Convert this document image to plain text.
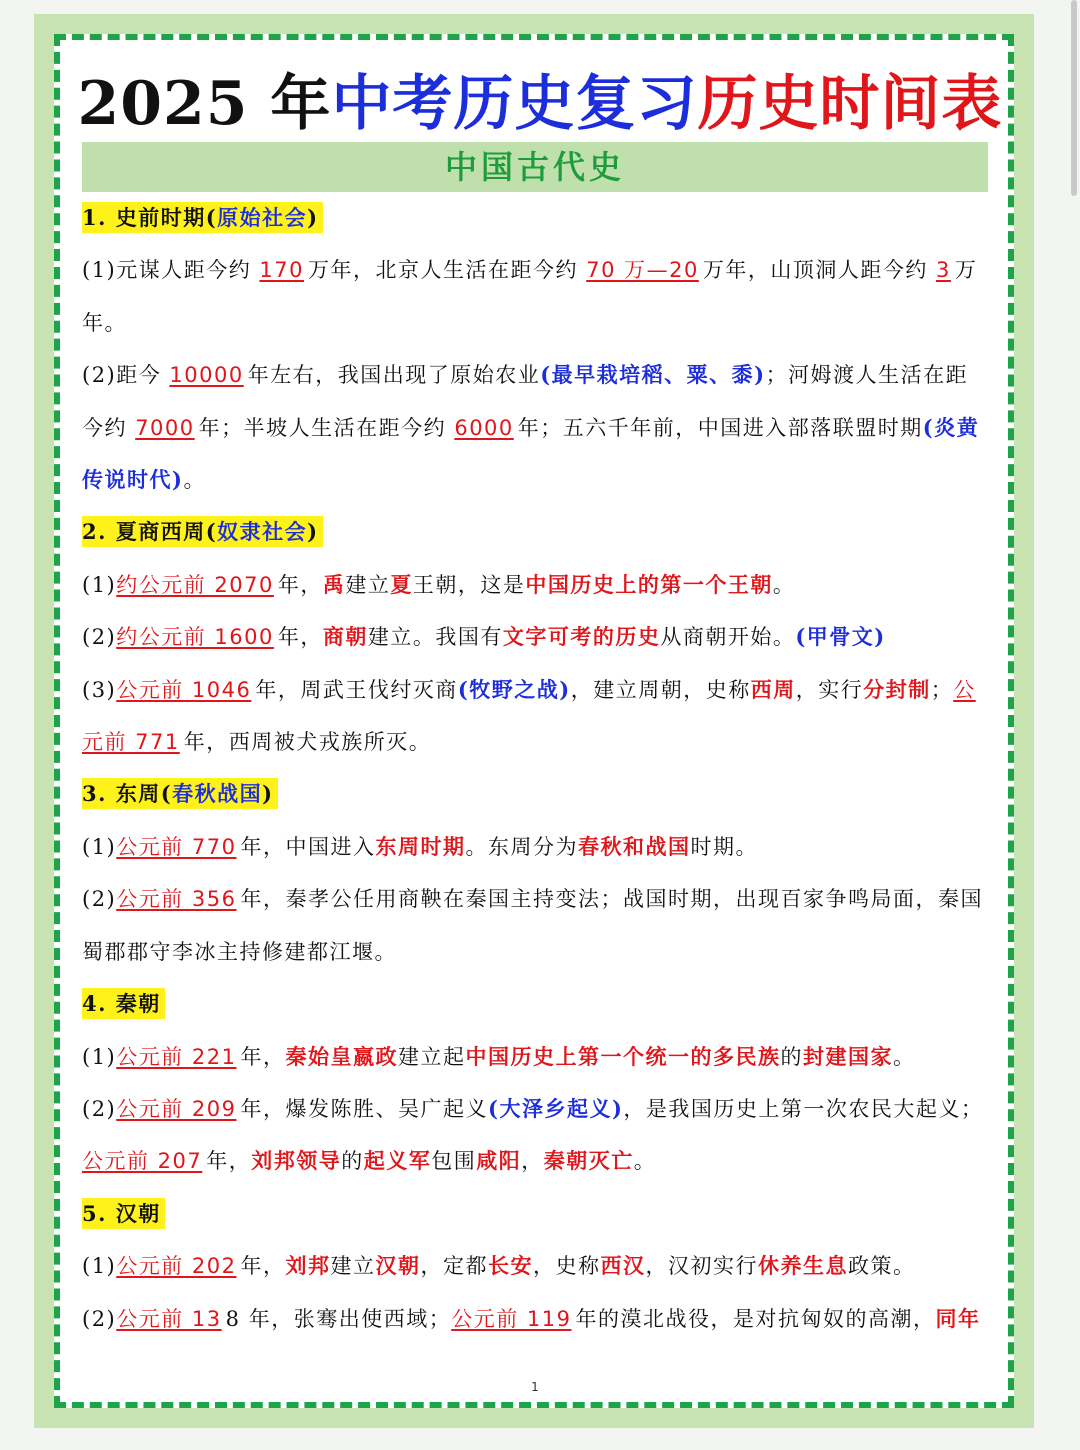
2025 年中考历史复习历史时间表
中国古代史

1. 史前时期(原始社会)

(1)元谋人距今约 170 万年，北京人生活在距今约 70 万—20 万年，山顶洞人距今约 3 万年。

(2)距今 10000 年左右，我国出现了原始农业(最早栽培稻、粟、黍)；河姆渡人生活在距今约 7000 年；半坡人生活在距今约 6000 年；五六千年前，中国进入部落联盟时期(炎黄传说时代)。

2. 夏商西周(奴隶社会)

(1)约公元前 2070 年，禹建立夏王朝，这是中国历史上的第一个王朝。

(2)约公元前 1600 年，商朝建立。我国有文字可考的历史从商朝开始。(甲骨文)

(3)公元前 1046 年，周武王伐纣灭商(牧野之战)，建立周朝，史称西周，实行分封制；公元前 771 年，西周被犬戎族所灭。

3. 东周(春秋战国)

(1)公元前 770 年，中国进入东周时期。东周分为春秋和战国时期。

(2)公元前 356 年，秦孝公任用商鞅在秦国主持变法；战国时期，出现百家争鸣局面，秦国蜀郡郡守李冰主持修建都江堰。

4. 秦朝

(1)公元前 221 年，秦始皇嬴政建立起中国历史上第一个统一的多民族的封建国家。

(2)公元前 209 年，爆发陈胜、吴广起义(大泽乡起义)，是我国历史上第一次农民大起义；公元前 207 年，刘邦领导的起义军包围咸阳，秦朝灭亡。

5. 汉朝

(1)公元前 202 年，刘邦建立汉朝，定都长安，史称西汉，汉初实行休养生息政策。

(2)公元前 13 8 年，张骞出使西域；公元前 119 年的漠北战役，是对抗匈奴的高潮，同年

1
